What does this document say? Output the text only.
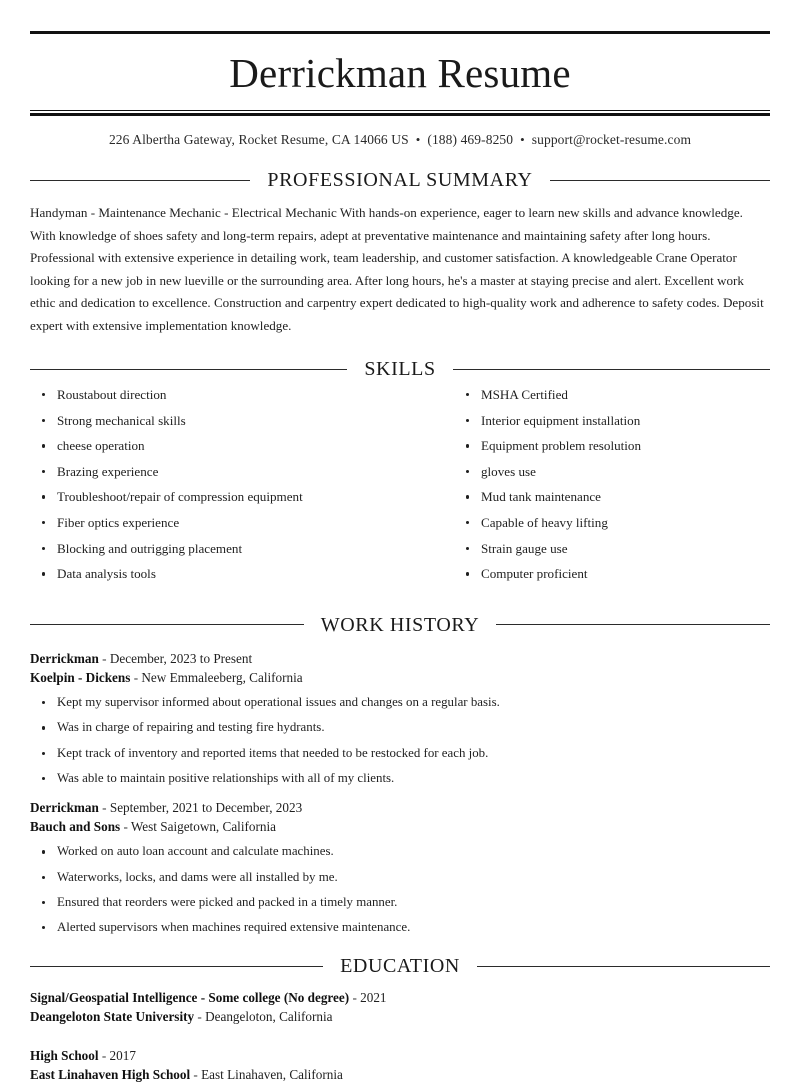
Derrickman Resume
226 Albertha Gateway, Rocket Resume, CA 14066 US • (188) 469-8250 • support@rocket-resume.com
PROFESSIONAL SUMMARY
Handyman - Maintenance Mechanic - Electrical Mechanic With hands-on experience, eager to learn new skills and advance knowledge. With knowledge of shoes safety and long-term repairs, adept at preventative maintenance and maintaining safety after long hours. Professional with extensive experience in detailing work, team leadership, and customer satisfaction. A knowledgeable Crane Operator looking for a new job in new lueville or the surrounding area. After long hours, he's a master at staying precise and alert. Excellent work ethic and dedication to excellence. Construction and carpentry expert dedicated to high-quality work and adherence to safety codes. Deposit expert with extensive implementation knowledge.
SKILLS
Roustabout direction
Strong mechanical skills
cheese operation
Brazing experience
Troubleshoot/repair of compression equipment
Fiber optics experience
Blocking and outrigging placement
Data analysis tools
MSHA Certified
Interior equipment installation
Equipment problem resolution
gloves use
Mud tank maintenance
Capable of heavy lifting
Strain gauge use
Computer proficient
WORK HISTORY
Derrickman - December, 2023 to Present
Koelpin - Dickens - New Emmaleeberg, California
Kept my supervisor informed about operational issues and changes on a regular basis.
Was in charge of repairing and testing fire hydrants.
Kept track of inventory and reported items that needed to be restocked for each job.
Was able to maintain positive relationships with all of my clients.
Derrickman - September, 2021 to December, 2023
Bauch and Sons - West Saigetown, California
Worked on auto loan account and calculate machines.
Waterworks, locks, and dams were all installed by me.
Ensured that reorders were picked and packed in a timely manner.
Alerted supervisors when machines required extensive maintenance.
EDUCATION
Signal/Geospatial Intelligence - Some college (No degree) - 2021
Deangeloton State University - Deangeloton, California
High School - 2017
East Linahaven High School - East Linahaven, California
